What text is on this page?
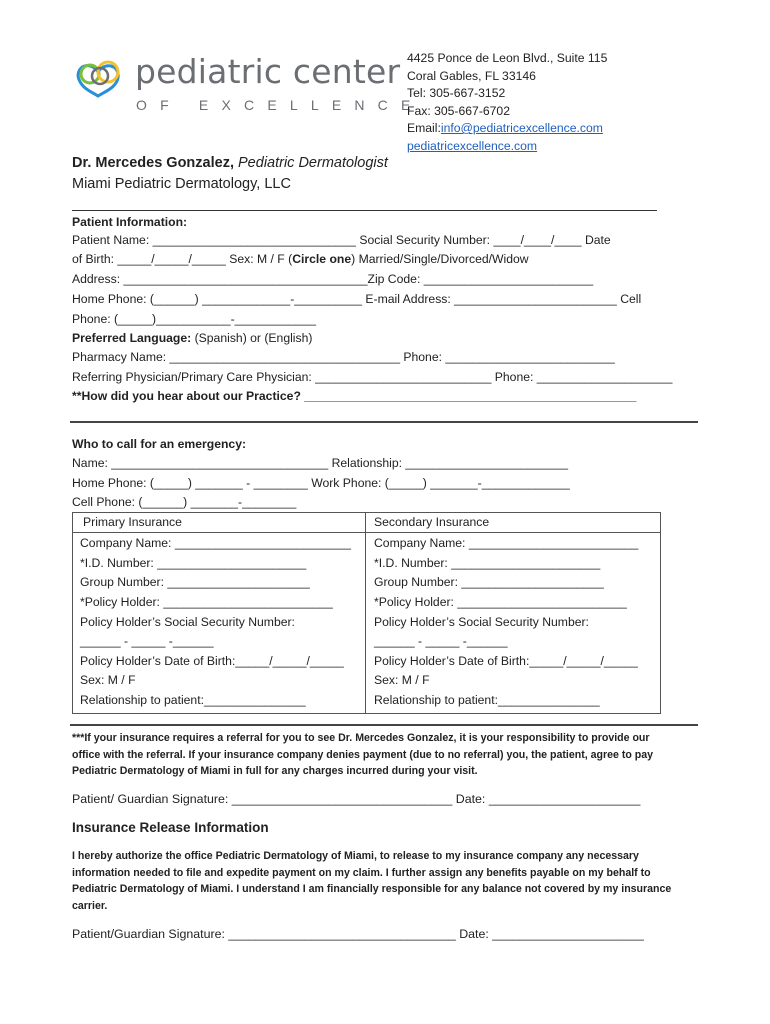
pediatric center
OF EXCELLENCE
4425 Ponce de Leon Blvd., Suite 115
Coral Gables, FL 33146
Tel: 305-667-3152
Fax: 305-667-6702
Email:info@pediatricexcellence.com
pediatricexcellence.com
Dr. Mercedes Gonzalez, Pediatric Dermatologist
Miami Pediatric Dermatology, LLC
Patient Information:
Patient Name: ______________________________ Social Security Number: ____/____/____ Date
of Birth: _____/_____/_____ Sex: M / F (Circle one) Married/Single/Divorced/Widow
Address: ____________________________________Zip Code: _________________________
Home Phone: (______) _____________-__________ E-mail Address: ________________________ Cell
Phone: (_____)___________-____________
Preferred Language: (Spanish) or (English)
Pharmacy Name: __________________________________ Phone: _________________________
Referring Physician/Primary Care Physician: __________________________ Phone: ____________________
**How did you hear about our Practice? _________________________________________________
Who to call for an emergency:
Name: ________________________________ Relationship: ________________________
Home Phone: (_____) _______ - ________ Work Phone: (_____) _______-_____________
Cell Phone: (______) _______-________
Primary Insurance	Secondary Insurance
Company Name: __________________________
*I.D. Number: ______________________
Group Number: _____________________
*Policy Holder: _________________________
Policy Holder’s Social Security Number:
______ - _____ -______
Policy Holder’s Date of Birth:_____/_____/_____
Sex: M / F
Relationship to patient:_______________
Company Name: _________________________
*I.D. Number: ______________________
Group Number: _____________________
*Policy Holder: _________________________
Policy Holder’s Social Security Number:
______ - _____ -______
Policy Holder’s Date of Birth:_____/_____/_____
Sex: M / F
Relationship to patient:_______________
***If your insurance requires a referral for you to see Dr. Mercedes Gonzalez, it is your responsibility to provide our
office with the referral. If your insurance company denies payment (due to no referral) you, the patient, agree to pay
Pediatric Dermatology of Miami in full for any charges incurred during your visit.
Patient/ Guardian Signature: ________________________________ Date: ______________________
Insurance Release Information
I hereby authorize the office Pediatric Dermatology of Miami, to release to my insurance company any necessary
information needed to file and expedite payment on my claim. I further assign any benefits payable on my behalf to
Pediatric Dermatology of Miami. I understand I am financially responsible for any balance not covered by my insurance
carrier.
Patient/Guardian Signature: _________________________________ Date: ______________________
